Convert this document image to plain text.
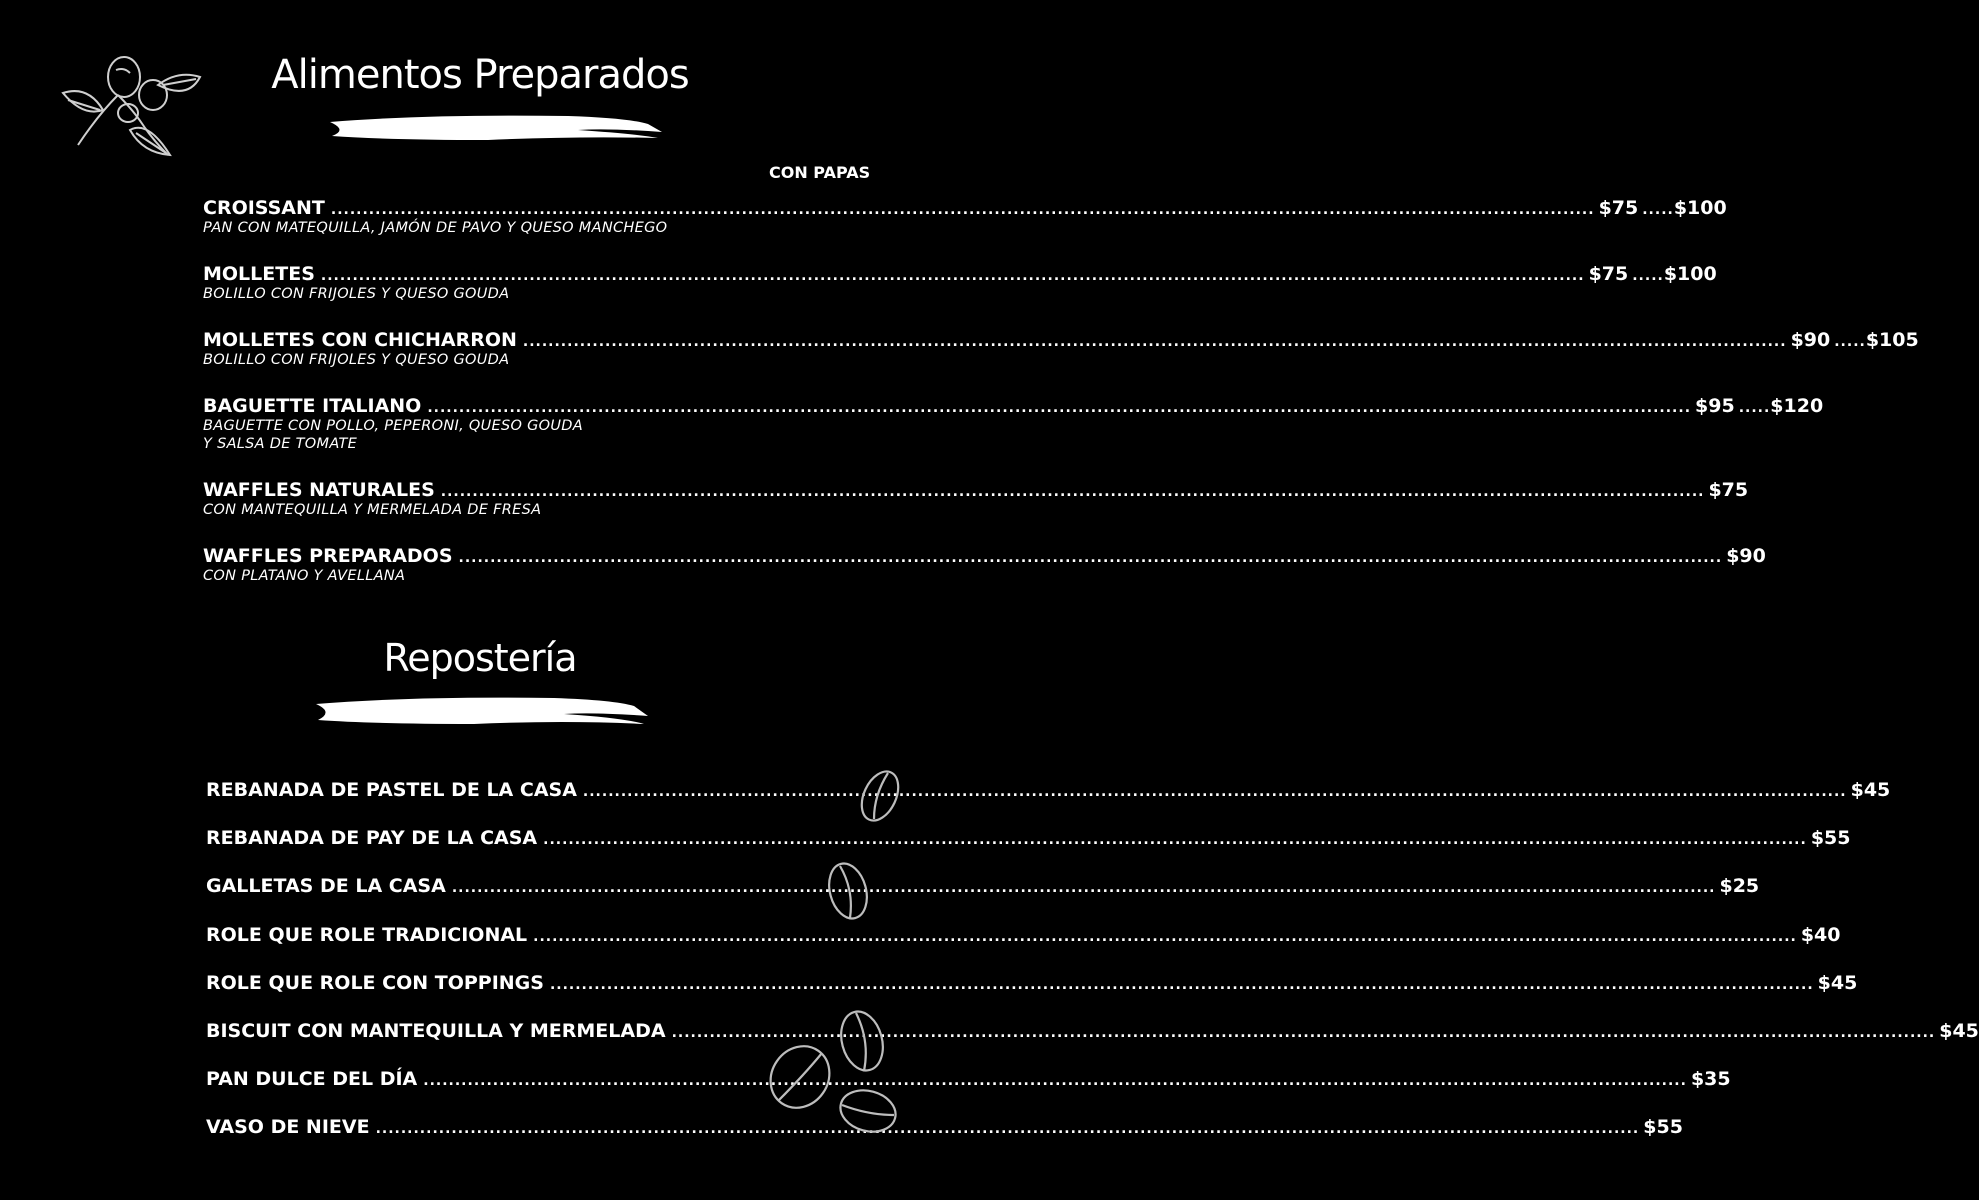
Alimentos Preparados
CON PAPAS
CROISSANT ........................................................................................................................................................................................................ $75 ..... $100
PAN CON MATEQUILLA, JAMÓN DE PAVO Y QUESO MANCHEGO
MOLLETES ........................................................................................................................................................................................................ $75 ..... $100
BOLILLO CON FRIJOLES Y QUESO GOUDA
MOLLETES CON CHICHARRON ........................................................................................................................................................................................................ $90 ..... $105
BOLILLO CON FRIJOLES Y QUESO GOUDA
BAGUETTE ITALIANO ........................................................................................................................................................................................................ $95 ..... $120
BAGUETTE CON POLLO, PEPERONI, QUESO GOUDA
Y SALSA DE TOMATE
WAFFLES NATURALES ........................................................................................................................................................................................................ $75
CON MANTEQUILLA Y MERMELADA DE FRESA
WAFFLES PREPARADOS ........................................................................................................................................................................................................ $90
CON PLATANO Y AVELLANA
Repostería
REBANADA DE PASTEL DE LA CASA ........................................................................................................................................................................................................ $45
REBANADA DE PAY DE LA CASA ........................................................................................................................................................................................................ $55
GALLETAS DE LA CASA ........................................................................................................................................................................................................ $25
ROLE QUE ROLE TRADICIONAL ........................................................................................................................................................................................................ $40
ROLE QUE ROLE CON TOPPINGS ........................................................................................................................................................................................................ $45
BISCUIT CON MANTEQUILLA Y MERMELADA ........................................................................................................................................................................................................ $45
PAN DULCE DEL DÍA ........................................................................................................................................................................................................ $35
VASO DE NIEVE ........................................................................................................................................................................................................ $55
